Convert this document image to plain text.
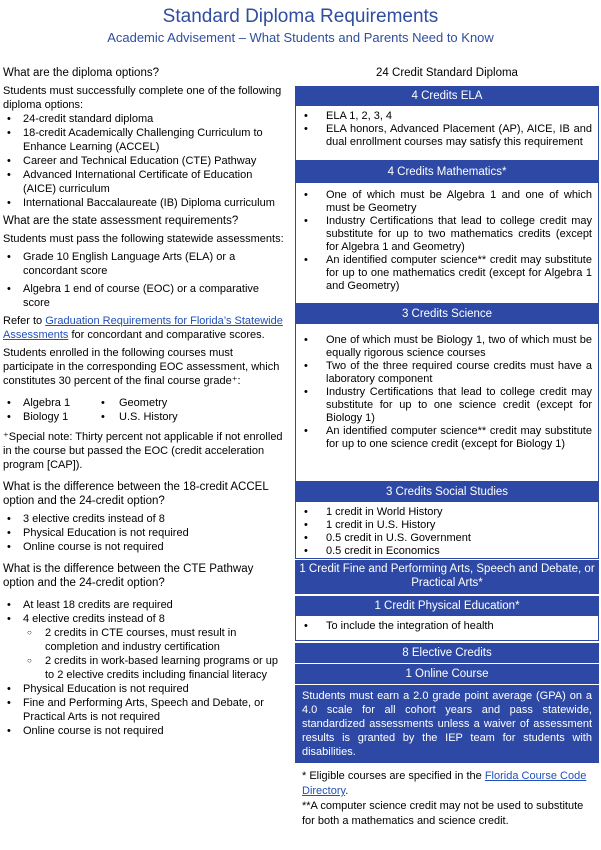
Standard Diploma Requirements
Academic Advisement – What Students and Parents Need to Know

What are the diploma options?

Students must successfully complete one of the following diploma options:

• 24-credit standard diploma
• 18-credit Academically Challenging Curriculum to Enhance Learning (ACCEL)
• Career and Technical Education (CTE) Pathway
• Advanced International Certificate of Education (AICE) curriculum
• International Baccalaureate (IB) Diploma curriculum

What are the state assessment requirements?

Students must pass the following statewide assessments:

• Grade 10 English Language Arts (ELA) or a concordant score
• Algebra 1 end of course (EOC) or a comparative score

Refer to Graduation Requirements for Florida’s Statewide Assessments for concordant and comparative scores.

Students enrolled in the following courses must participate in the corresponding EOC assessment, which constitutes 30 percent of the final course grade⁺:

• Algebra 1	• Geometry
• Biology 1	• U.S. History

⁺Special note: Thirty percent not applicable if not enrolled in the course but passed the EOC (credit acceleration program [CAP]).

What is the difference between the 18-credit ACCEL option and the 24-credit option?

• 3 elective credits instead of 8
• Physical Education is not required
• Online course is not required

What is the difference between the CTE Pathway option and the 24-credit option?

• At least 18 credits are required
• 4 elective credits instead of 8
○ 2 credits in CTE courses, must result in completion and industry certification
○ 2 credits in work-based learning programs or up to 2 elective credits including financial literacy
• Physical Education is not required
• Fine and Performing Arts, Speech and Debate, or Practical Arts is not required
• Online course is not required
24 Credit Standard Diploma
4 Credits ELA

• ELA 1, 2, 3, 4

• ELA honors, Advanced Placement (AP), AICE, IB and dual enrollment courses may satisfy this requirement

4 Credits Mathematics*

• One of which must be Algebra 1 and one of which must be Geometry

• Industry Certifications that lead to college credit may substitute for up to two mathematics credits (except for Algebra 1 and Geometry)

• An identified computer science** credit may substitute for up to one mathematics credit (except for Algebra 1 and Geometry)

3 Credits Science

• One of which must be Biology 1, two of which must be equally rigorous science courses

• Two of the three required course credits must have a laboratory component

• Industry Certifications that lead to college credit may substitute for up to one science credit (except for Biology 1)

• An identified computer science** credit may substitute for up to one science credit (except for Biology 1)

3 Credits Social Studies

• 1 credit in World History

• 1 credit in U.S. History

• 0.5 credit in U.S. Government

• 0.5 credit in Economics

1 Credit Fine and Performing Arts, Speech and Debate, or Practical Arts*
1 Credit Physical Education*

• To include the integration of health

8 Elective Credits
1 Online Course
Students must earn a 2.0 grade point average (GPA) on a 4.0 scale for all cohort years and pass statewide, standardized assessments unless a waiver of assessment results is granted by the IEP team for students with disabilities.

* Eligible courses are specified in the Florida Course Code Directory.

**A computer science credit may not be used to substitute for both a mathematics and science credit.
